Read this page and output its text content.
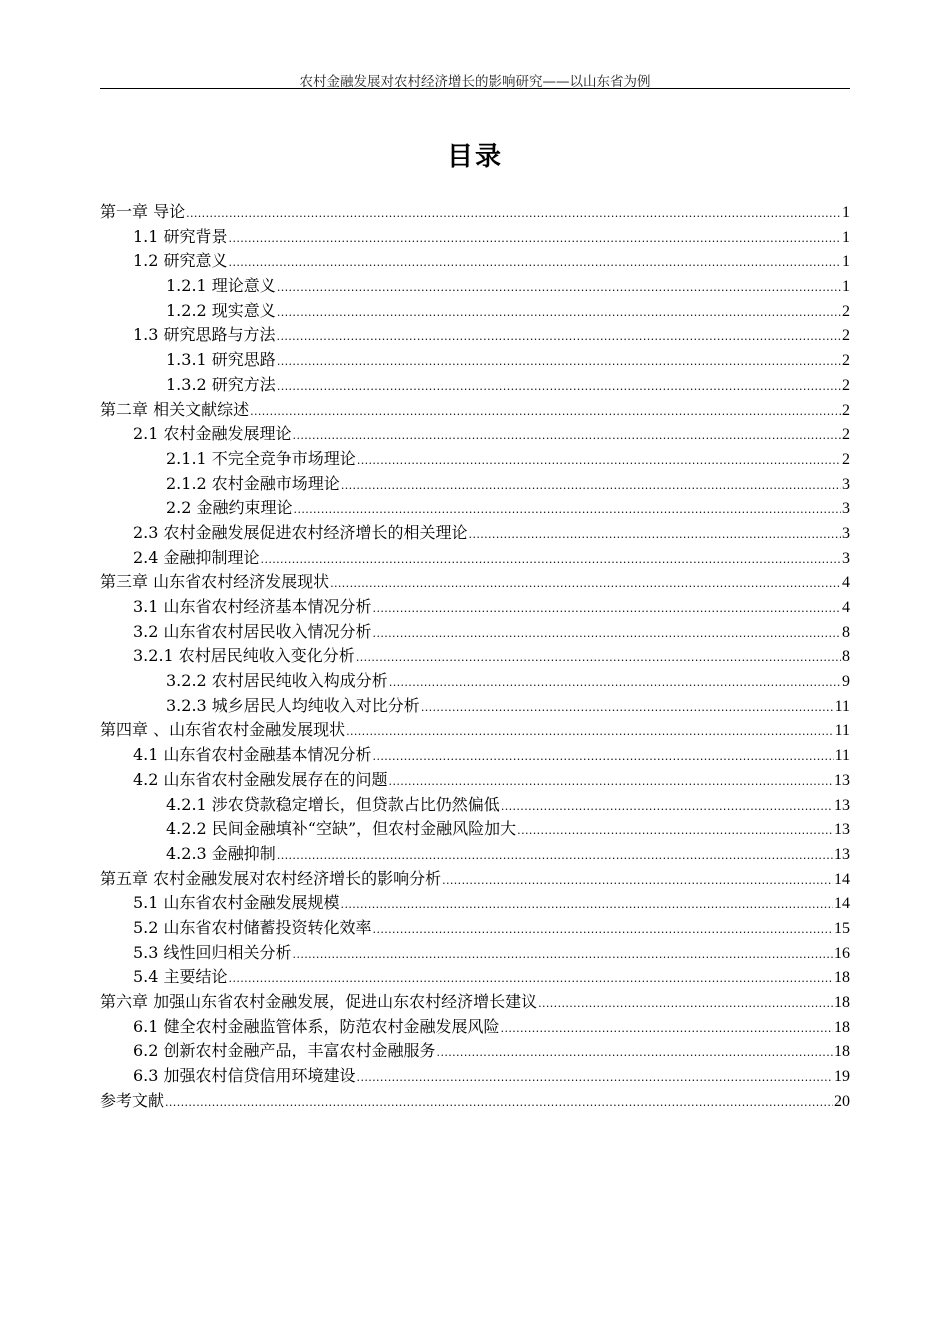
农村金融发展对农村经济增长的影响研究——以山东省为例
目录
第一章 导论 .....	1
1.1 研究背景 .....	1
1.2 研究意义 .....	1
1.2.1 理论意义 .....	1
1.2.2 现实意义 .....	2
1.3 研究思路与方法 .....	2
1.3.1 研究思路 .....	2
1.3.2 研究方法 .....	2
第二章 相关文献综述 .....	2
2.1 农村金融发展理论 .....	2
2.1.1 不完全竞争市场理论 .....	2
2.1.2 农村金融市场理论 .....	3
2.2 金融约束理论 .....	3
2.3 农村金融发展促进农村经济增长的相关理论 .....	3
2.4 金融抑制理论 .....	3
第三章 山东省农村经济发展现状 .....	4
3.1 山东省农村经济基本情况分析 .....	4
3.2 山东省农村居民收入情况分析 .....	8
3.2.1 农村居民纯收入变化分析 .....	8
3.2.2 农村居民纯收入构成分析 .....	9
3.2.3 城乡居民人均纯收入对比分析 .....	11
第四章 、山东省农村金融发展现状 .....	11
4.1 山东省农村金融基本情况分析 .....	11
4.2 山东省农村金融发展存在的问题 .....	13
4.2.1 涉农贷款稳定增长，但贷款占比仍然偏低 .....	13
4.2.2 民间金融填补“空缺”，但农村金融风险加大 .....	13
4.2.3 金融抑制 .....	13
第五章 农村金融发展对农村经济增长的影响分析 .....	14
5.1 山东省农村金融发展规模 .....	14
5.2 山东省农村储蓄投资转化效率 .....	15
5.3 线性回归相关分析 .....	16
5.4 主要结论 .....	18
第六章 加强山东省农村金融发展，促进山东农村经济增长建议 .....	18
6.1 健全农村金融监管体系，防范农村金融发展风险 .....	18
6.2 创新农村金融产品，丰富农村金融服务 .....	18
6.3 加强农村信贷信用环境建设 .....	19
参考文献 .....	20
